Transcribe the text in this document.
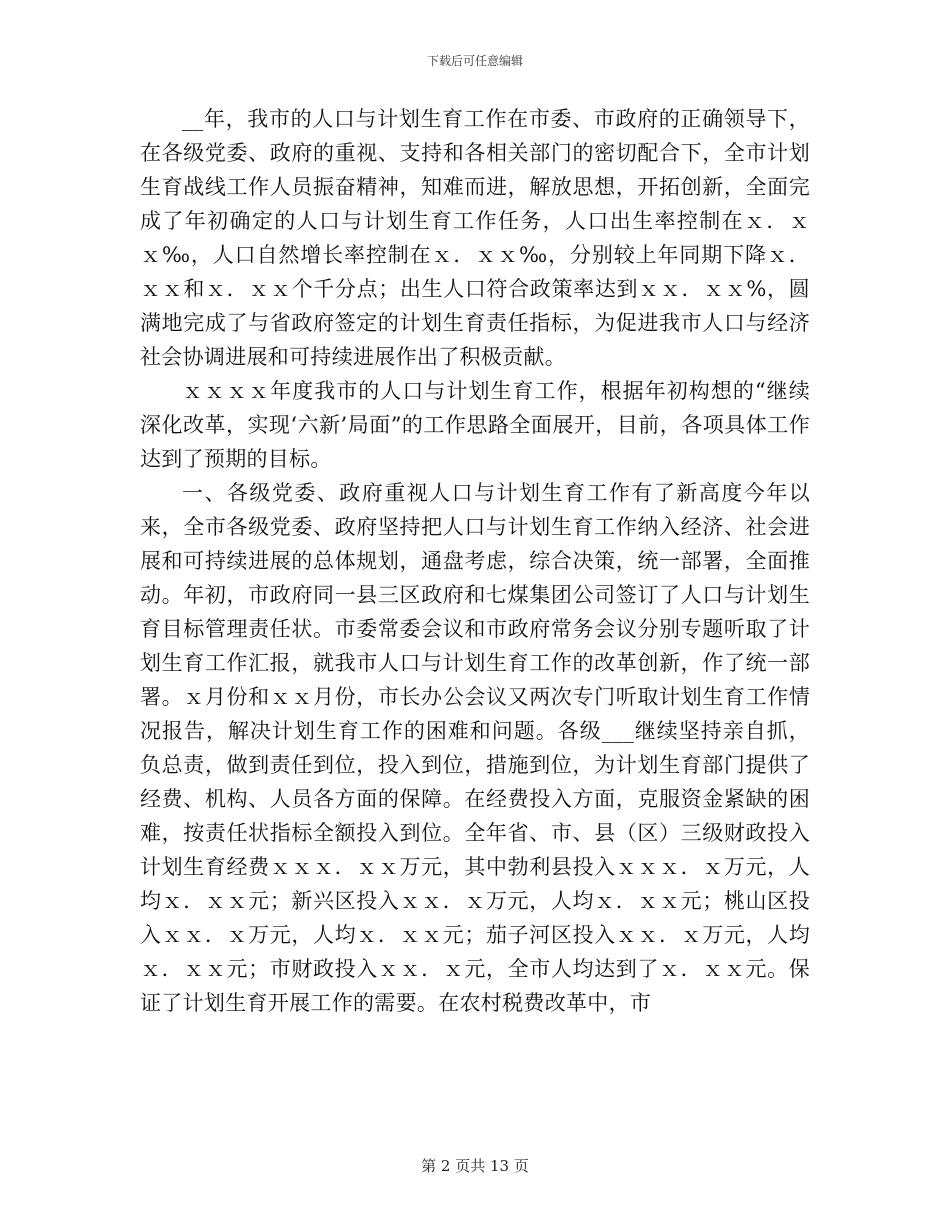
下载后可任意编辑

__年，我市的人口与计划生育工作在市委、市政府的正确领导下，在各级党委、政府的重视、支持和各相关部门的密切配合下，全市计划生育战线工作人员振奋精神，知难而进，解放思想，开拓创新，全面完成了年初确定的人口与计划生育工作任务，人口出生率控制在ｘ．ｘｘ‰，人口自然增长率控制在ｘ．ｘｘ‰，分别较上年同期下降ｘ．ｘｘ和ｘ．ｘｘ个千分点；出生人口符合政策率达到ｘｘ．ｘｘ%，圆满地完成了与省政府签定的计划生育责任指标，为促进我市人口与经济社会协调进展和可持续进展作出了积极贡献。

ｘｘｘｘ年度我市的人口与计划生育工作，根据年初构想的“继续深化改革，实现‘六新’局面”的工作思路全面展开，目前，各项具体工作达到了预期的目标。

一、各级党委、政府重视人口与计划生育工作有了新高度今年以来，全市各级党委、政府坚持把人口与计划生育工作纳入经济、社会进展和可持续进展的总体规划，通盘考虑，综合决策，统一部署，全面推动。年初，市政府同一县三区政府和七煤集团公司签订了人口与计划生育目标管理责任状。市委常委会议和市政府常务会议分别专题听取了计划生育工作汇报，就我市人口与计划生育工作的改革创新，作了统一部署。ｘ月份和ｘｘ月份，市长办公会议又两次专门听取计划生育工作情况报告，解决计划生育工作的困难和问题。各级___继续坚持亲自抓，负总责，做到责任到位，投入到位，措施到位，为计划生育部门提供了经费、机构、人员各方面的保障。在经费投入方面，克服资金紧缺的困难，按责任状指标全额投入到位。全年省、市、县（区）三级财政投入计划生育经费ｘｘｘ．ｘｘ万元，其中勃利县投入ｘｘｘ．ｘ万元，人均ｘ．ｘｘ元；新兴区投入ｘｘ．ｘ万元，人均ｘ．ｘｘ元；桃山区投入ｘｘ．ｘ万元，人均ｘ．ｘｘ元；茄子河区投入ｘｘ．ｘ万元，人均ｘ．ｘｘ元；市财政投入ｘｘ．ｘ元，全市人均达到了ｘ．ｘｘ元。保证了计划生育开展工作的需要。在农村税费改革中，市

第 2 页共 13 页
